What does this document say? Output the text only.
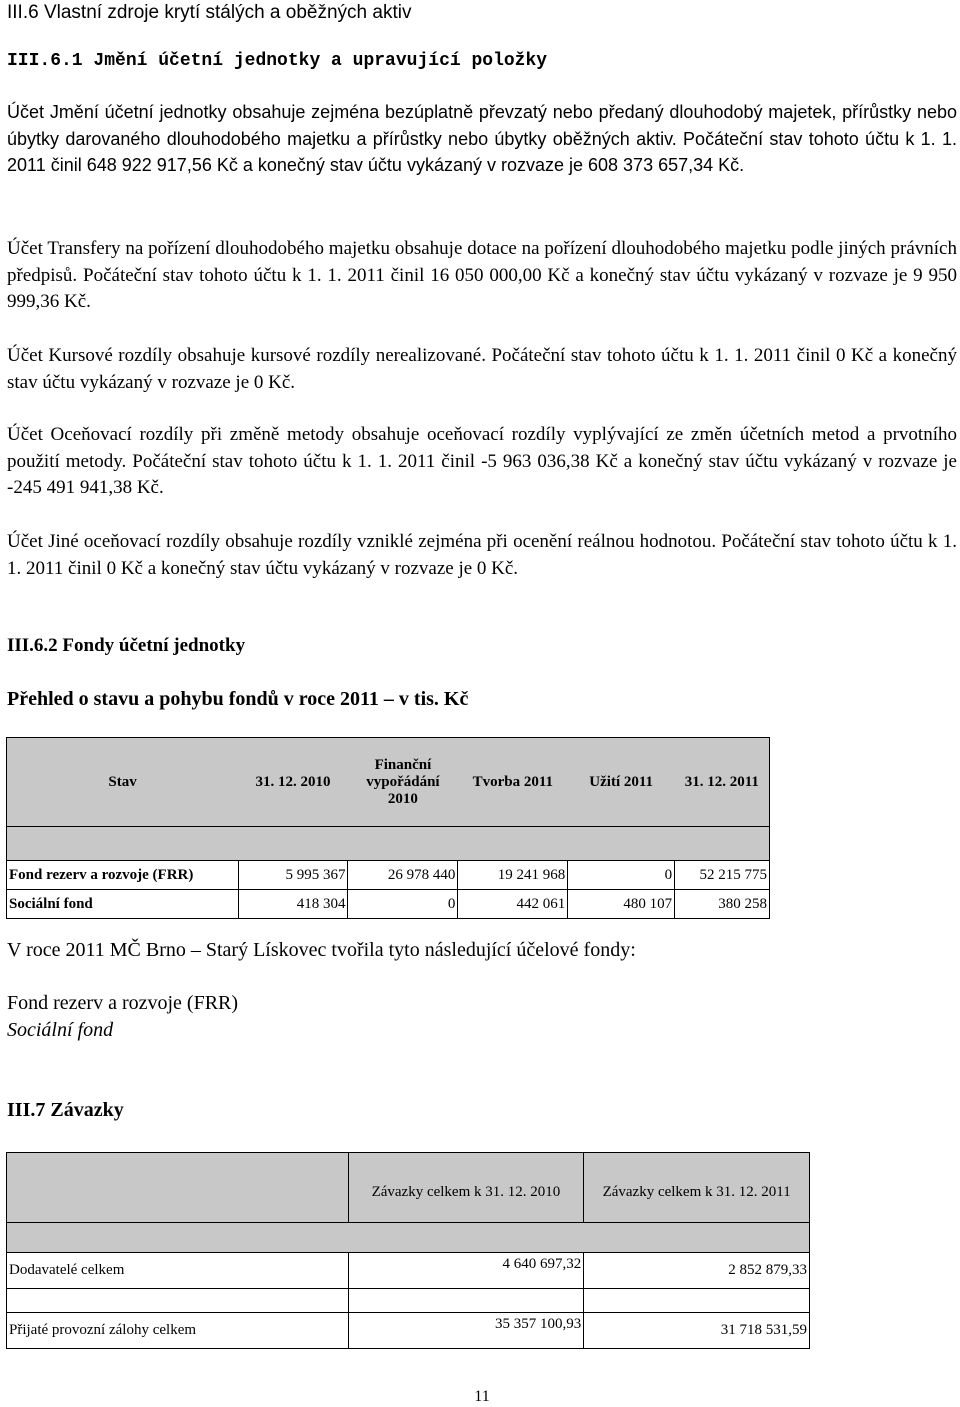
III.6 Vlastní zdroje krytí stálých a oběžných aktiv
III.6.1 Jmění účetní jednotky a upravující položky
Účet Jmění účetní jednotky obsahuje zejména bezúplatně převzatý nebo předaný dlouhodobý majetek, přírůstky nebo úbytky darovaného dlouhodobého majetku a přírůstky nebo úbytky oběžných aktiv. Počáteční stav tohoto účtu k 1. 1. 2011 činil 648 922 917,56 Kč a konečný stav účtu vykázaný v rozvaze je 608 373 657,34 Kč.
Účet Transfery na pořízení dlouhodobého majetku obsahuje dotace na pořízení dlouhodobého majetku podle jiných právních předpisů. Počáteční stav tohoto účtu k 1. 1. 2011 činil 16 050 000,00 Kč a konečný stav účtu vykázaný v rozvaze je 9 950 999,36 Kč.
Účet Kursové rozdíly obsahuje kursové rozdíly nerealizované. Počáteční stav tohoto účtu k 1. 1. 2011 činil 0 Kč a konečný stav účtu vykázaný v rozvaze je 0 Kč.
Účet Oceňovací rozdíly při změně metody obsahuje oceňovací rozdíly vyplývající ze změn účetních metod a prvotního použití metody. Počáteční stav tohoto účtu k 1. 1. 2011 činil -5 963 036,38 Kč a konečný stav účtu vykázaný v rozvaze je -245 491 941,38 Kč.
Účet Jiné oceňovací rozdíly obsahuje rozdíly vzniklé zejména při ocenění reálnou hodnotou. Počáteční stav tohoto účtu k 1. 1. 2011 činil 0 Kč a konečný stav účtu vykázaný v rozvaze je 0 Kč.
III.6.2 Fondy účetní jednotky
Přehled o stavu a pohybu fondů v roce 2011 – v tis. Kč
Stav	31. 12. 2010	Finanční vypořádání 2010	Tvorba 2011	Užití 2011	31. 12. 2011

Fond rezerv a rozvoje (FRR)	5 995 367	26 978 440	19 241 968	0	52 215 775
Sociální fond	418 304	0	442 061	480 107	380 258
V roce 2011 MČ Brno – Starý Lískovec tvořila tyto následující účelové fondy:
Fond rezerv a rozvoje (FRR)
Sociální fond
III.7 Závazky
	Závazky celkem k 31. 12. 2010	Závazky celkem k 31. 12. 2011

Dodavatelé celkem	4 640 697,32	2 852 879,33

Přijaté provozní zálohy celkem	35 357 100,93	31 718 531,59
11
